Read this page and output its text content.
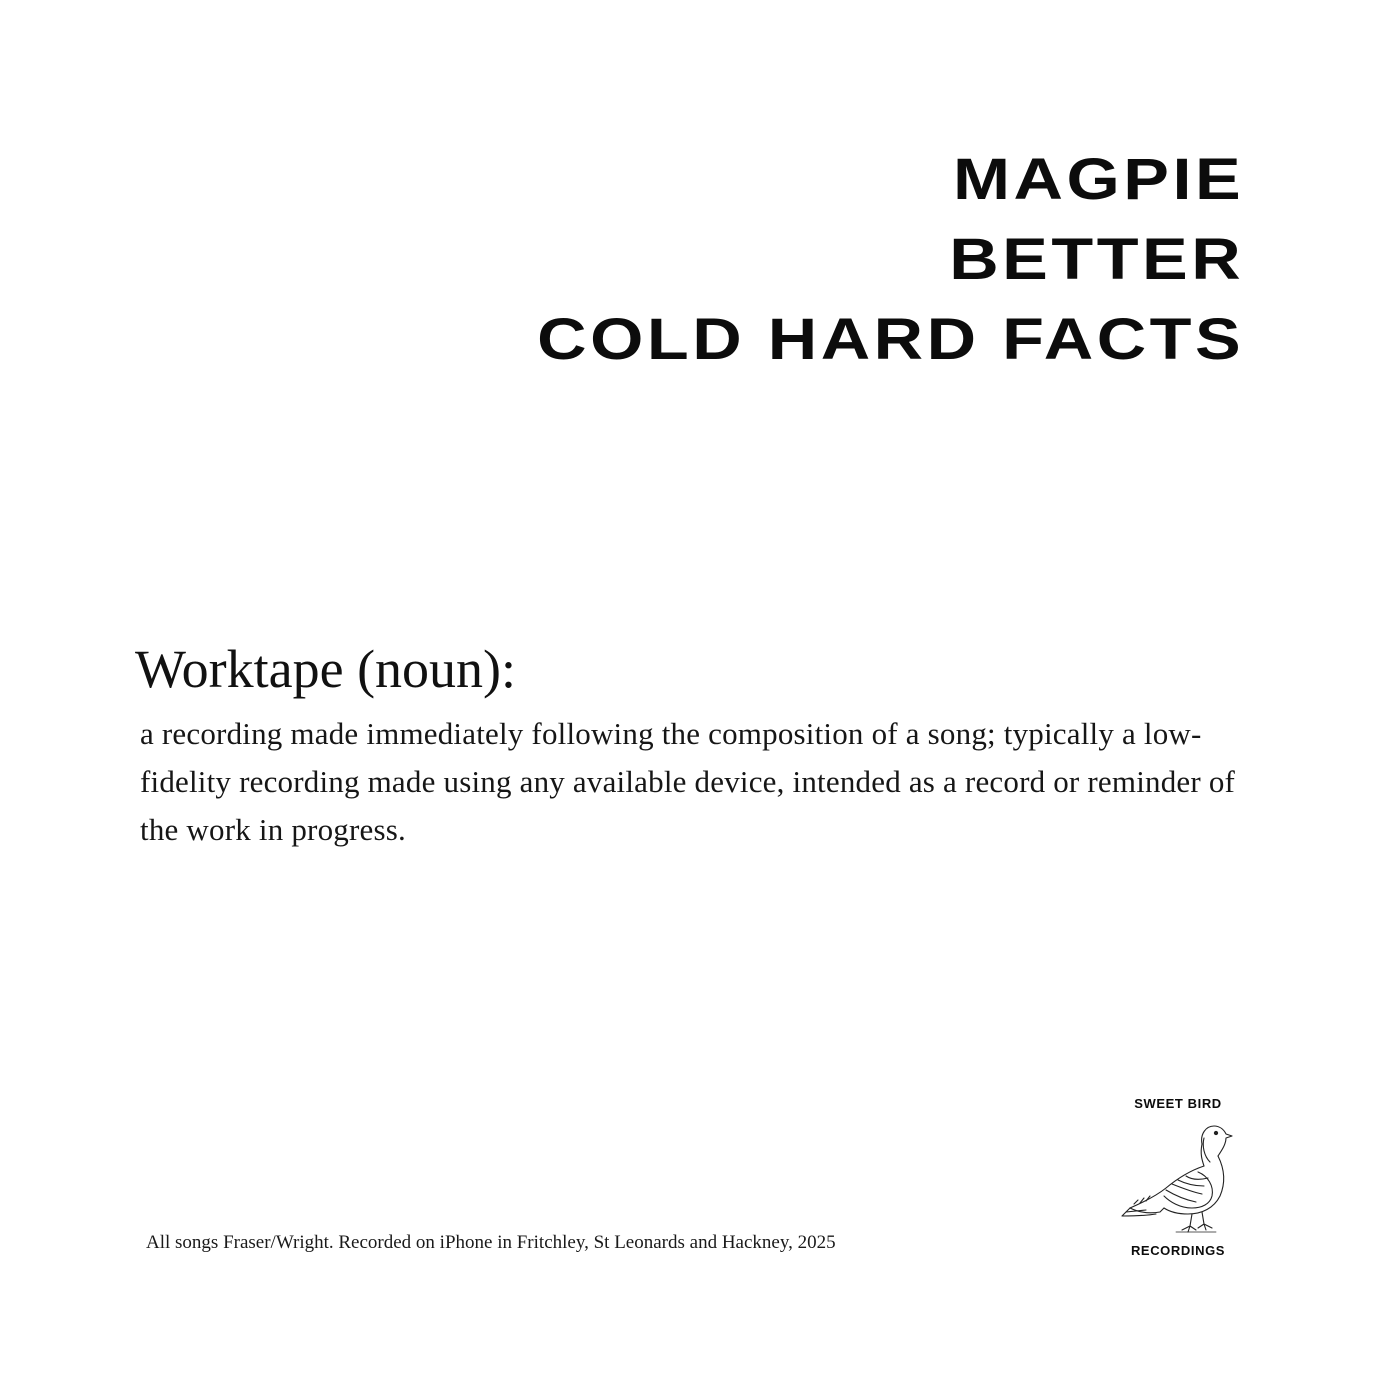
MAGPIE
BETTER
COLD HARD FACTS
Worktape (noun):

a recording made immediately following the composition of a song; typically a low-fidelity recording made using any available device, intended as a record or reminder of the work in progress.

All songs Fraser/Wright. Recorded on iPhone in Fritchley, St Leonards and Hackney, 2025
SWEET BIRD
RECORDINGS
